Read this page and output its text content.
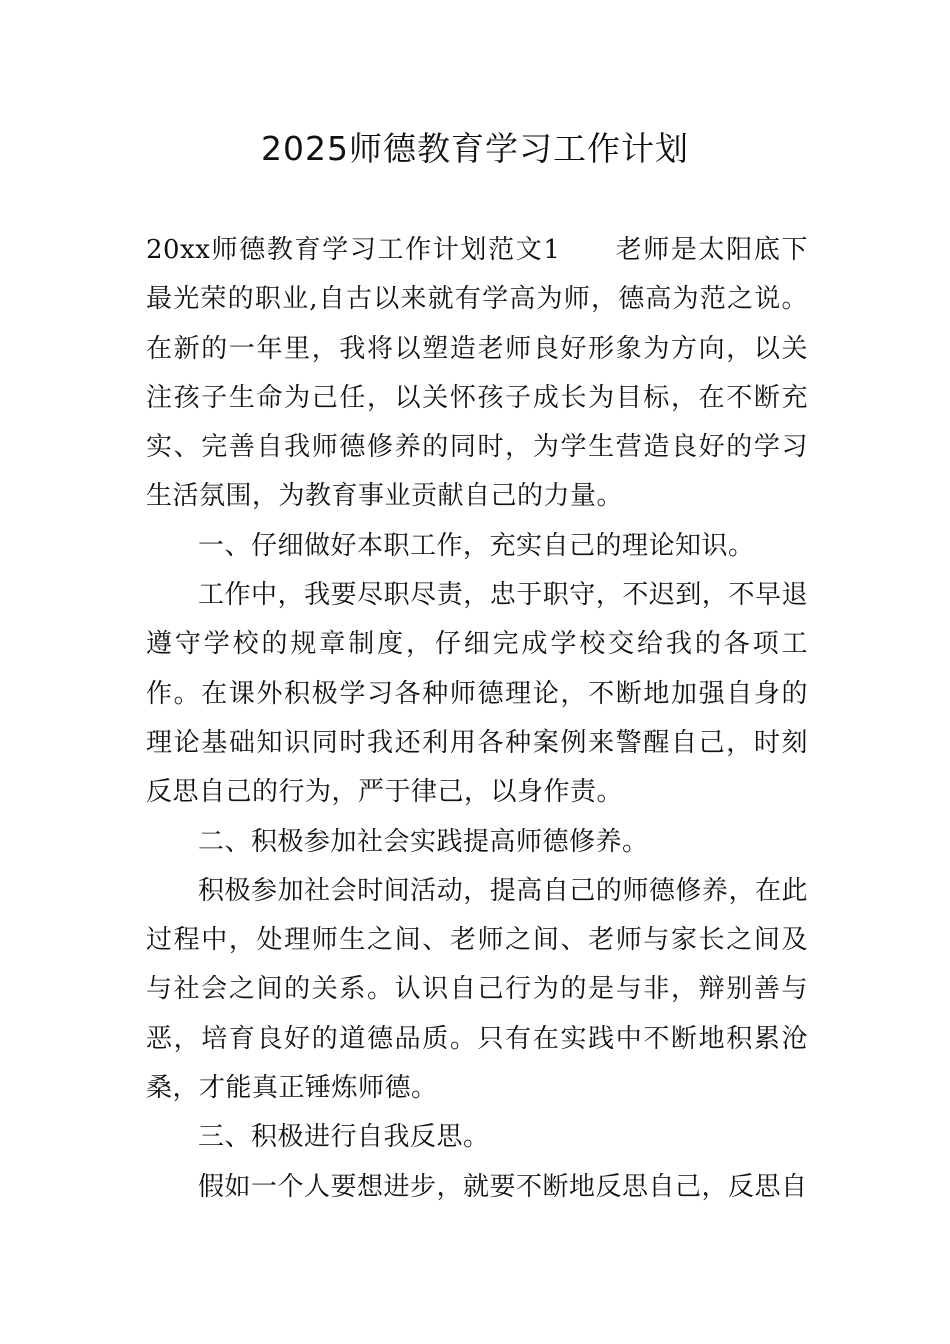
2025师德教育学习工作计划

20xx师德教育学习工作计划范文1 老师是太阳底下最光荣的职业,自古以来就有学高为师，德高为范之说。在新的一年里，我将以塑造老师良好形象为方向，以关注孩子生命为己任，以关怀孩子成长为目标，在不断充实、完善自我师德修养的同时，为学生营造良好的学习生活氛围，为教育事业贡献自己的力量。

一、仔细做好本职工作，充实自己的理论知识。

工作中，我要尽职尽责，忠于职守，不迟到，不早退遵守学校的规章制度，仔细完成学校交给我的各项工作。在课外积极学习各种师德理论，不断地加强自身的理论基础知识同时我还利用各种案例来警醒自己，时刻反思自己的行为，严于律己，以身作责。

二、积极参加社会实践提高师德修养。

积极参加社会时间活动，提高自己的师德修养，在此过程中，处理师生之间、老师之间、老师与家长之间及与社会之间的关系。认识自己行为的是与非，辩别善与恶，培育良好的道德品质。只有在实践中不断地积累沧桑，才能真正锤炼师德。

三、积极进行自我反思。

假如一个人要想进步，就要不断地反思自己，反思自
